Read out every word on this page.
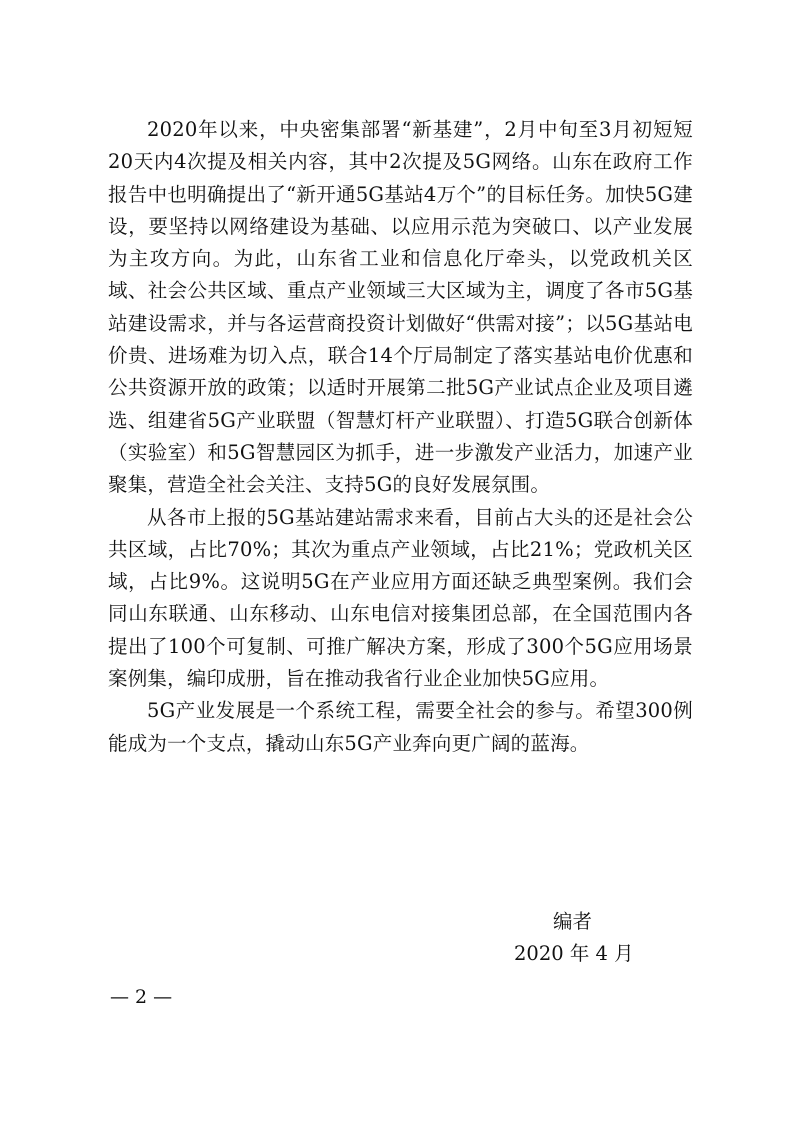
2020年以来，中央密集部署“新基建”，2月中旬至3月初短短20天内4次提及相关内容，其中2次提及5G网络。山东在政府工作报告中也明确提出了“新开通5G基站4万个”的目标任务。加快5G建设，要坚持以网络建设为基础、以应用示范为突破口、以产业发展为主攻方向。为此，山东省工业和信息化厅牵头，以党政机关区域、社会公共区域、重点产业领域三大区域为主，调度了各市5G基站建设需求，并与各运营商投资计划做好“供需对接”；以5G基站电价贵、进场难为切入点，联合14个厅局制定了落实基站电价优惠和公共资源开放的政策；以适时开展第二批5G产业试点企业及项目遴选、组建省5G产业联盟（智慧灯杆产业联盟）、打造5G联合创新体（实验室）和5G智慧园区为抓手，进一步激发产业活力，加速产业聚集，营造全社会关注、支持5G的良好发展氛围。

从各市上报的5G基站建站需求来看，目前占大头的还是社会公共区域，占比70%；其次为重点产业领域，占比21%；党政机关区域，占比9%。这说明5G在产业应用方面还缺乏典型案例。我们会同山东联通、山东移动、山东电信对接集团总部，在全国范围内各提出了100个可复制、可推广解决方案，形成了300个5G应用场景案例集，编印成册，旨在推动我省行业企业加快5G应用。

5G产业发展是一个系统工程，需要全社会的参与。希望300例能成为一个支点，撬动山东5G产业奔向更广阔的蓝海。

编者
2020 年 4 月
— 2 —
